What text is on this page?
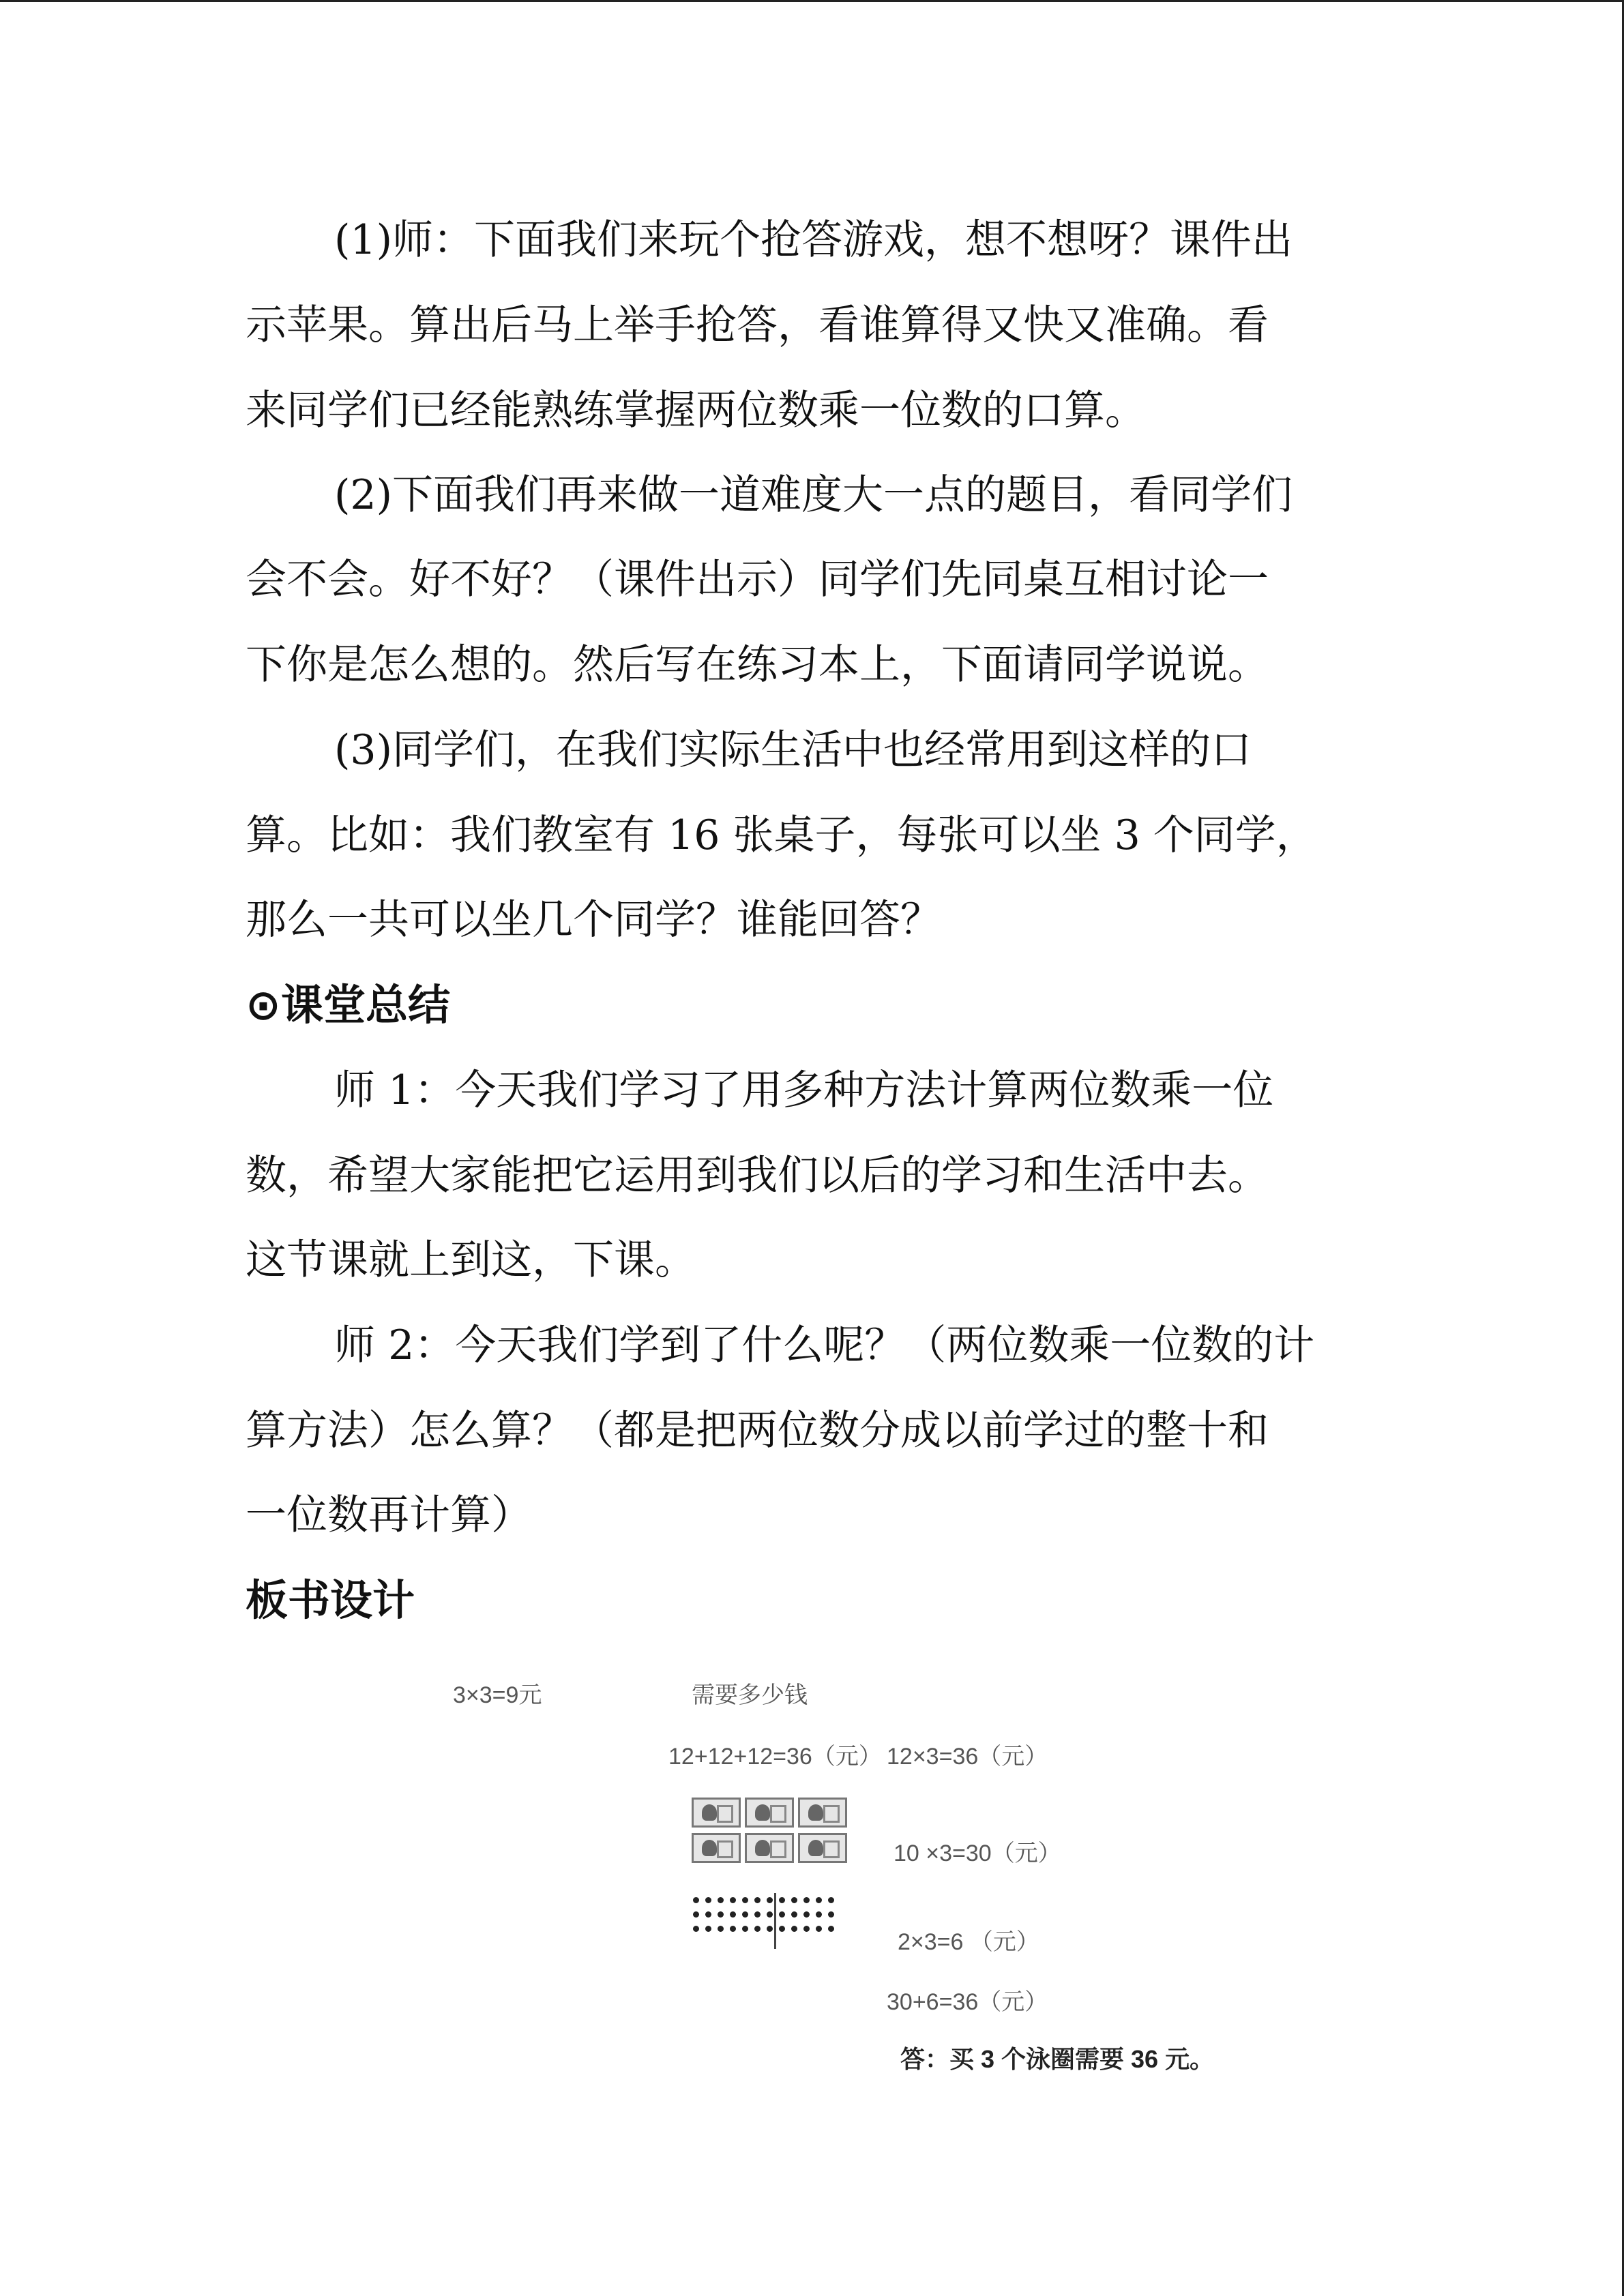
(1)师：下面我们来玩个抢答游戏，想不想呀？课件出
示苹果。算出后马上举手抢答，看谁算得又快又准确。看
来同学们已经能熟练掌握两位数乘一位数的口算。
(2)下面我们再来做一道难度大一点的题目，看同学们
会不会。好不好？（课件出示）同学们先同桌互相讨论一
下你是怎么想的。然后写在练习本上，下面请同学说说。
(3)同学们，在我们实际生活中也经常用到这样的口
算。比如：我们教室有 16 张桌子，每张可以坐 3 个同学，
那么一共可以坐几个同学？谁能回答？
⊙课堂总结
师 1：今天我们学习了用多种方法计算两位数乘一位
数，希望大家能把它运用到我们以后的学习和生活中去。
这节课就上到这，下课。
师 2：今天我们学到了什么呢？（两位数乘一位数的计
算方法）怎么算？（都是把两位数分成以前学过的整十和
一位数再计算）
板书设计
3×3=9元	需要多少钱
12+12+12=36（元） 12×3=36（元）
10 ×3=30（元）
2×3=6 （元）
30+6=36（元）
答：买 3 个泳圈需要 36 元。
